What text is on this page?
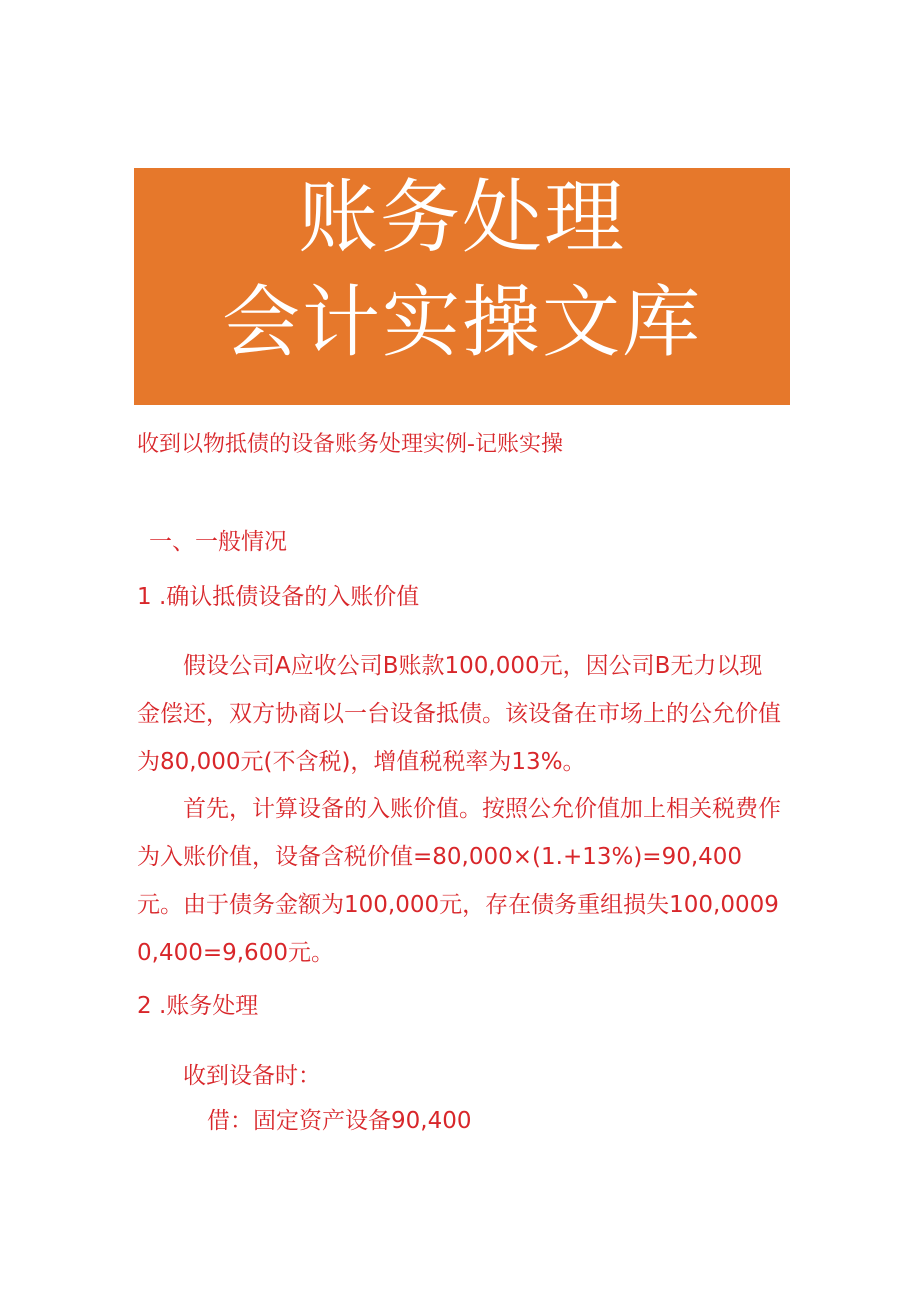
账务处理
会计实操文库
收到以物抵债的设备账务处理实例-记账实操
一、一般情况
1 .确认抵债设备的入账价值

假设公司A应收公司B账款100,000元，因公司B无力以现金偿还，双方协商以一台设备抵债。该设备在市场上的公允价值为80,000元(不含税)，增值税税率为13%。

首先，计算设备的入账价值。按照公允价值加上相关税费作为入账价值，设备含税价值=80,000×(1.+13%)=90,400元。由于债务金额为100,000元，存在债务重组损失100,00090,400=9,600元。

2 .账务处理
收到设备时：
借：固定资产设备90,400
